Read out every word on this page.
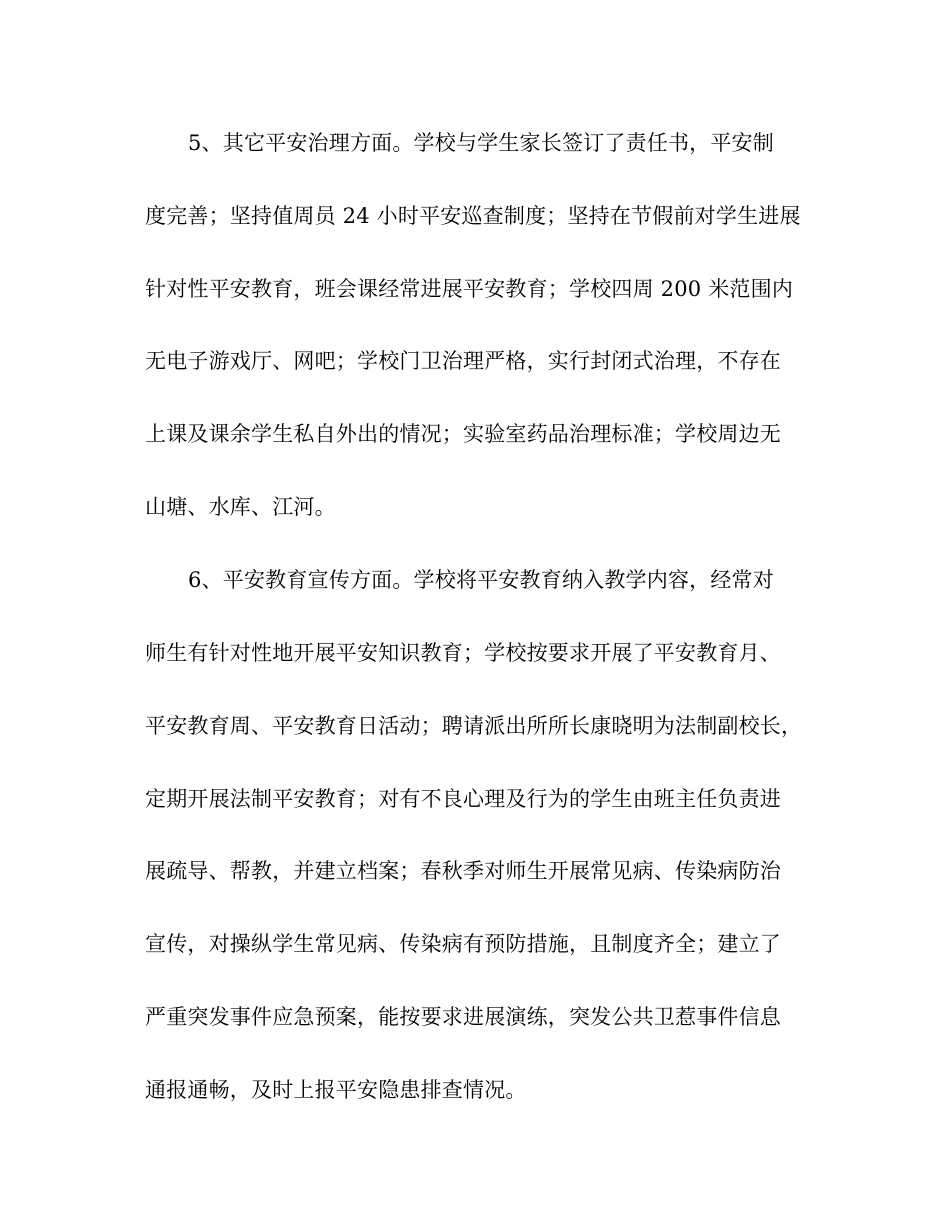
5、其它平安治理方面。学校与学生家长签订了责任书，平安制
度完善；坚持值周员 24 小时平安巡查制度；坚持在节假前对学生进展
针对性平安教育，班会课经常进展平安教育；学校四周 200 米范围内
无电子游戏厅、网吧；学校门卫治理严格，实行封闭式治理，不存在
上课及课余学生私自外出的情况；实验室药品治理标准；学校周边无
山塘、水库、江河。
6、平安教育宣传方面。学校将平安教育纳入教学内容，经常对
师生有针对性地开展平安知识教育；学校按要求开展了平安教育月、
平安教育周、平安教育日活动；聘请派出所所长康晓明为法制副校长，
定期开展法制平安教育；对有不良心理及行为的学生由班主任负责进
展疏导、帮教，并建立档案；春秋季对师生开展常见病、传染病防治
宣传，对操纵学生常见病、传染病有预防措施，且制度齐全；建立了
严重突发事件应急预案，能按要求进展演练，突发公共卫惹事件信息
通报通畅，及时上报平安隐患排查情况。
